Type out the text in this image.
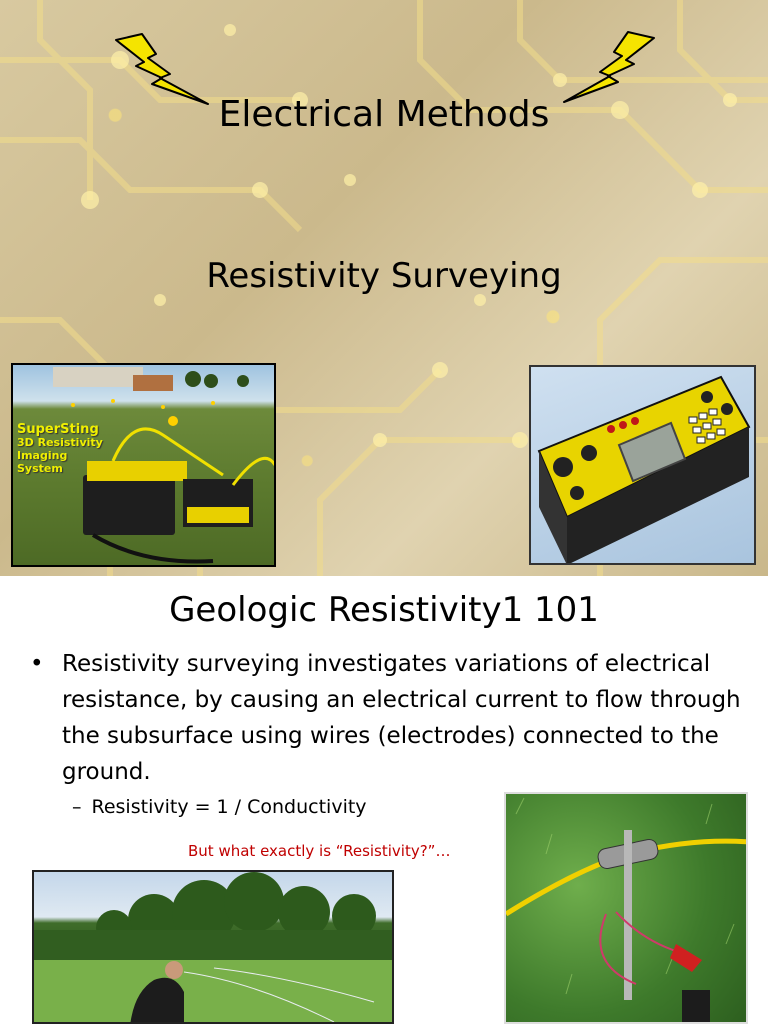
Electrical Methods
Resistivity Surveying
SuperSting
3D Resistivity
Imaging
System
Geologic Resistivity1 101
• Resistivity surveying investigates variations of electrical resistance, by causing an electrical current to flow through the subsurface using wires (electrodes) connected to the ground.
– Resistivity = 1 / Conductivity
But what exactly is “Resistivity?”…
